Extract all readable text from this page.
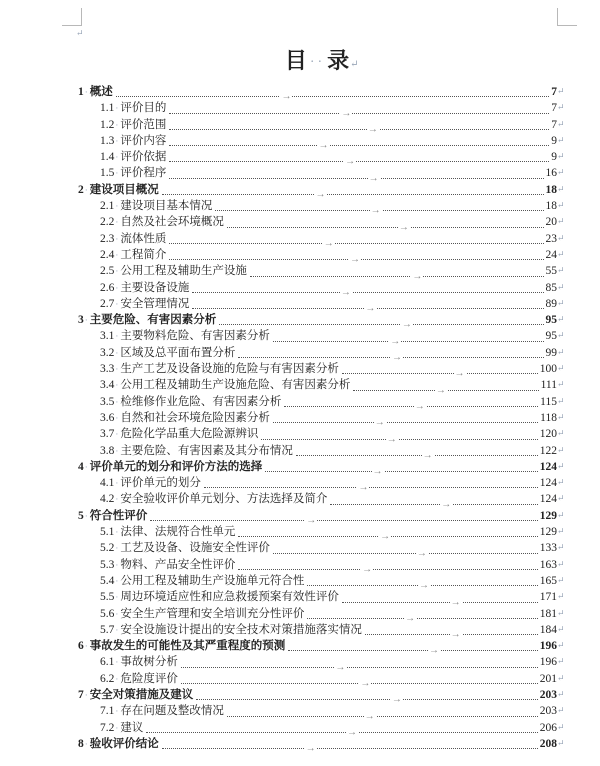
↵
目 ··录↵
1 · 概述	→	7 ↵
1.1 · 评价目的	→	7 ↵
1.2 · 评价范围	→	7 ↵
1.3 · 评价内容	→	9 ↵
1.4 · 评价依据	→	9 ↵
1.5 · 评价程序	→	16 ↵
2 · 建设项目概况	→	18 ↵
2.1 · 建设项目基本情况	→	18 ↵
2.2 · 自然及社会环境概况	→	20 ↵
2.3 · 流体性质	→	23 ↵
2.4 · 工程简介	→	24 ↵
2.5 · 公用工程及辅助生产设施	→	55 ↵
2.6 · 主要设备设施	→	85 ↵
2.7 · 安全管理情况	→	89 ↵
3 · 主要危险、有害因素分析	→	95 ↵
3.1 · 主要物料危险、有害因素分析	→	95 ↵
3.2 · 区域及总平面布置分析	→	99 ↵
3.3 · 生产工艺及设备设施的危险与有害因素分析	→	100 ↵
3.4 · 公用工程及辅助生产设施危险、有害因素分析	→	111 ↵
3.5 · 检维修作业危险、有害因素分析	→	115 ↵
3.6 · 自然和社会环境危险因素分析	→	118 ↵
3.7 · 危险化学品重大危险源辨识	→	120 ↵
3.8 · 主要危险、有害因素及其分布情况	→	122 ↵
4 · 评价单元的划分和评价方法的选择	→	124 ↵
4.1 · 评价单元的划分	→	124 ↵
4.2 · 安全验收评价单元划分、方法选择及简介	→	124 ↵
5 · 符合性评价	→	129 ↵
5.1 · 法律、法规符合性单元	→	129 ↵
5.2 · 工艺及设备、设施安全性评价	→	133 ↵
5.3 · 物料、产品安全性评价	→	163 ↵
5.4 · 公用工程及辅助生产设施单元符合性	→	165 ↵
5.5 · 周边环境适应性和应急救援预案有效性评价	→	171 ↵
5.6 · 安全生产管理和安全培训充分性评价	→	181 ↵
5.7 · 安全设施设计提出的安全技术对策措施落实情况	→	184 ↵
6 · 事故发生的可能性及其严重程度的预测	→	196 ↵
6.1 · 事故树分析	→	196 ↵
6.2 · 危险度评价	→	201 ↵
7 · 安全对策措施及建议	→	203 ↵
7.1 · 存在问题及整改情况	→	203 ↵
7.2 · 建议	→	206 ↵
8 · 验收评价结论	→	208 ↵
